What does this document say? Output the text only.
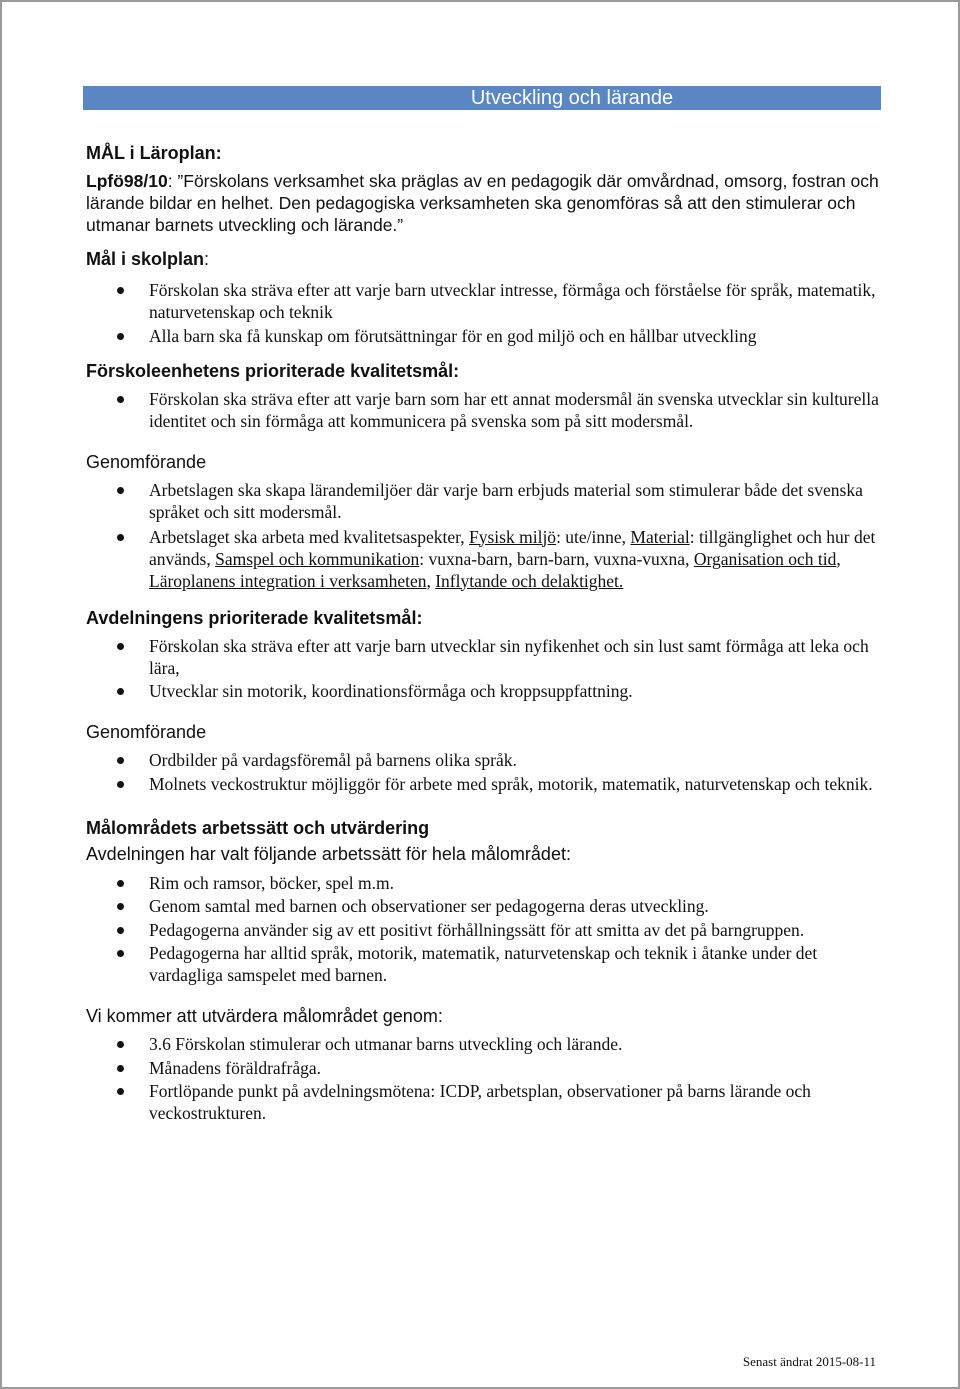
Utveckling och lärande
MÅL i Läroplan:

Lpfö98/10: ”Förskolans verksamhet ska präglas av en pedagogik där omvårdnad, omsorg, fostran och lärande bildar en helhet. Den pedagogiska verksamheten ska genomföras så att den stimulerar och utmanar barnets utveckling och lärande.”

Mål i skolplan:

Förskolan ska sträva efter att varje barn utvecklar intresse, förmåga och förståelse för språk, matematik, naturvetenskap och teknik
Alla barn ska få kunskap om förutsättningar för en god miljö och en hållbar utveckling
Förskoleenhetens prioriterade kvalitetsmål:
Förskolan ska sträva efter att varje barn som har ett annat modersmål än svenska utvecklar sin kulturella identitet och sin förmåga att kommunicera på svenska som på sitt modersmål.

Genomförande

Arbetslagen ska skapa lärandemiljöer där varje barn erbjuds material som stimulerar både det svenska språket och sitt modersmål.
Arbetslaget ska arbeta med kvalitetsaspekter, Fysisk miljö: ute/inne, Material: tillgänglighet och hur det används, Samspel och kommunikation: vuxna-barn, barn-barn, vuxna-vuxna, Organisation och tid, Läroplanens integration i verksamheten, Inflytande och delaktighet.
Avdelningens prioriterade kvalitetsmål:
Förskolan ska sträva efter att varje barn utvecklar sin nyfikenhet och sin lust samt förmåga att leka och lära,
Utvecklar sin motorik, koordinationsförmåga och kroppsuppfattning.

Genomförande

Ordbilder på vardagsföremål på barnens olika språk.
Molnets veckostruktur möjliggör för arbete med språk, motorik, matematik, naturvetenskap och teknik.
Målområdets arbetssätt och utvärdering

Avdelningen har valt följande arbetssätt för hela målområdet:

Rim och ramsor, böcker, spel m.m.
Genom samtal med barnen och observationer ser pedagogerna deras utveckling.
Pedagogerna använder sig av ett positivt förhållningssätt för att smitta av det på barngruppen.
Pedagogerna har alltid språk, motorik, matematik, naturvetenskap och teknik i åtanke under det vardagliga samspelet med barnen.

Vi kommer att utvärdera målområdet genom:

3.6 Förskolan stimulerar och utmanar barns utveckling och lärande.
Månadens föräldrafråga.
Fortlöpande punkt på avdelningsmötena: ICDP, arbetsplan, observationer på barns lärande och veckostrukturen.
Senast ändrat 2015-08-11
